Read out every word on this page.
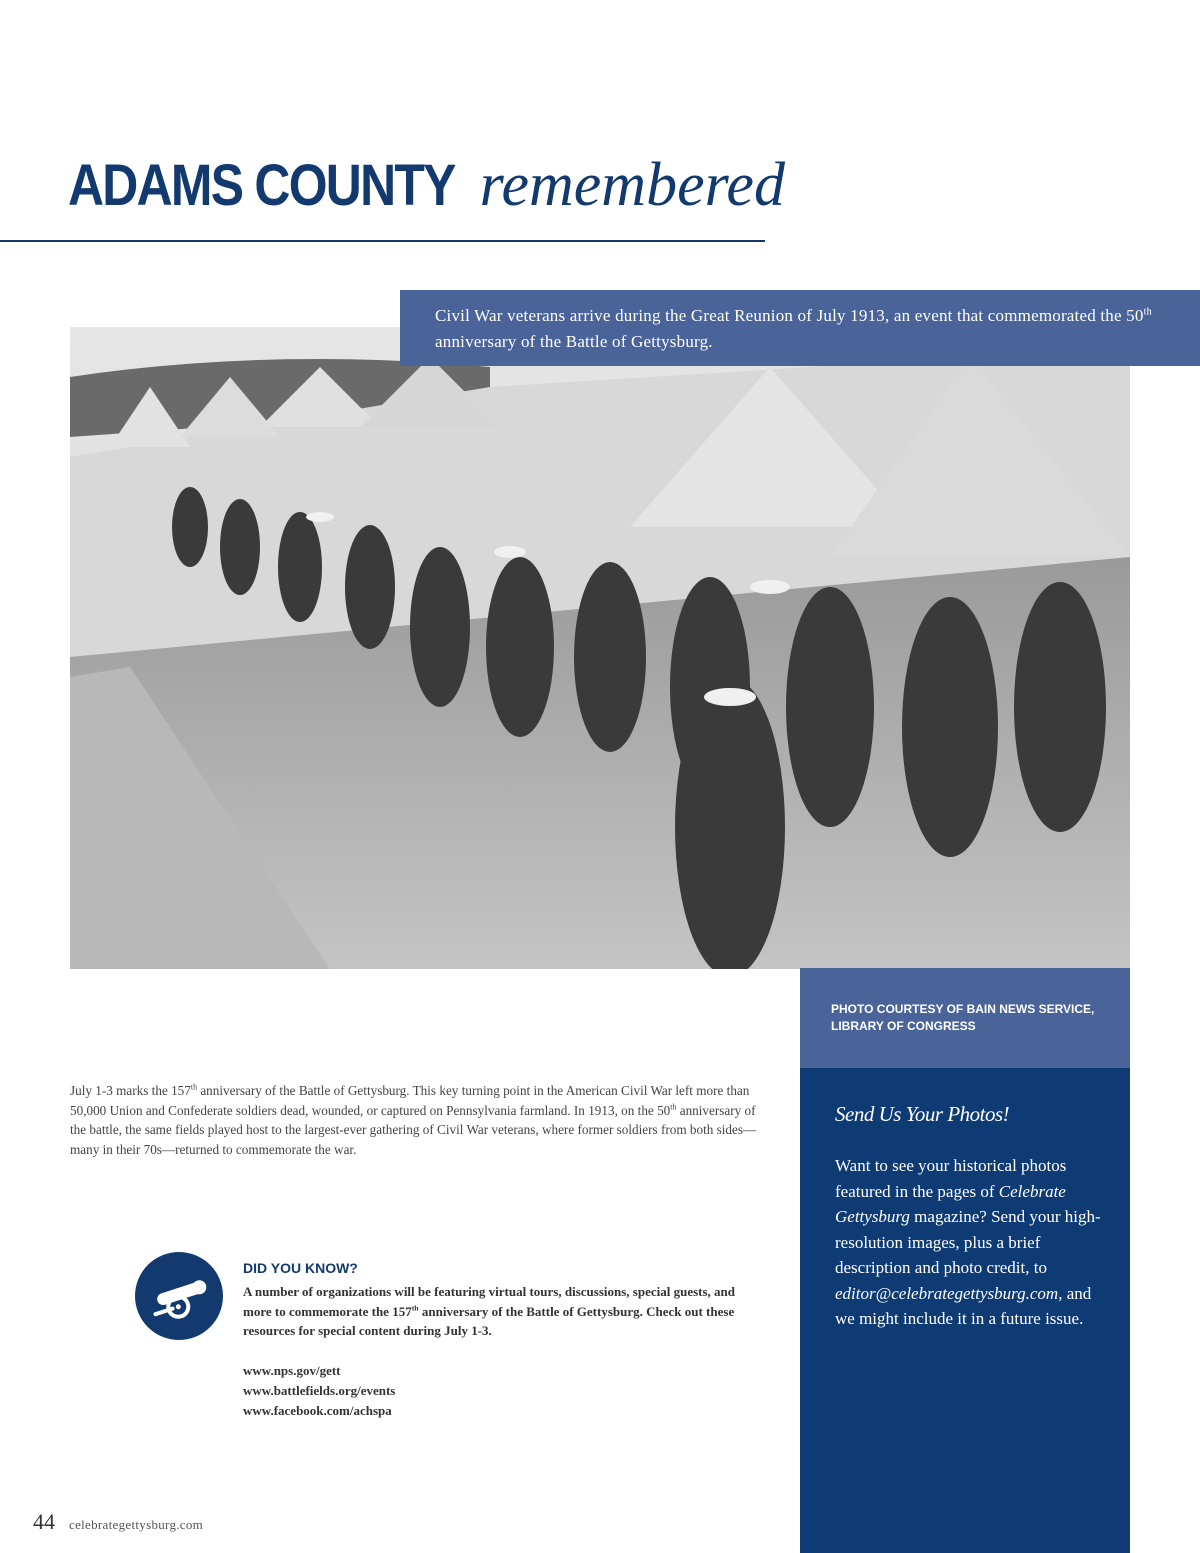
ADAMS COUNTY remembered
Civil War veterans arrive during the Great Reunion of July 1913, an event that commemorated the 50th anniversary of the Battle of Gettysburg.
PHOTO COURTESY OF BAIN NEWS SERVICE,
LIBRARY OF CONGRESS
Send Us Your Photos!
Want to see your historical photos featured in the pages of Celebrate Gettysburg magazine? Send your high-resolution images, plus a brief description and photo credit, to editor@celebrategettysburg.com, and we might include it in a future issue.
July 1-3 marks the 157th anniversary of the Battle of Gettysburg. This key turning point in the American Civil War left more than 50,000 Union and Confederate soldiers dead, wounded, or captured on Pennsylvania farmland. In 1913, on the 50th anniversary of the battle, the same fields played host to the largest-ever gathering of Civil War veterans, where former soldiers from both sides—many in their 70s—returned to commemorate the war.
DID YOU KNOW?
A number of organizations will be featuring virtual tours, discussions, special guests, and more to commemorate the 157th anniversary of the Battle of Gettysburg. Check out these resources for special content during July 1-3.
www.nps.gov/gett
www.battlefields.org/events
www.facebook.com/achspa
44 celebrategettysburg.com
